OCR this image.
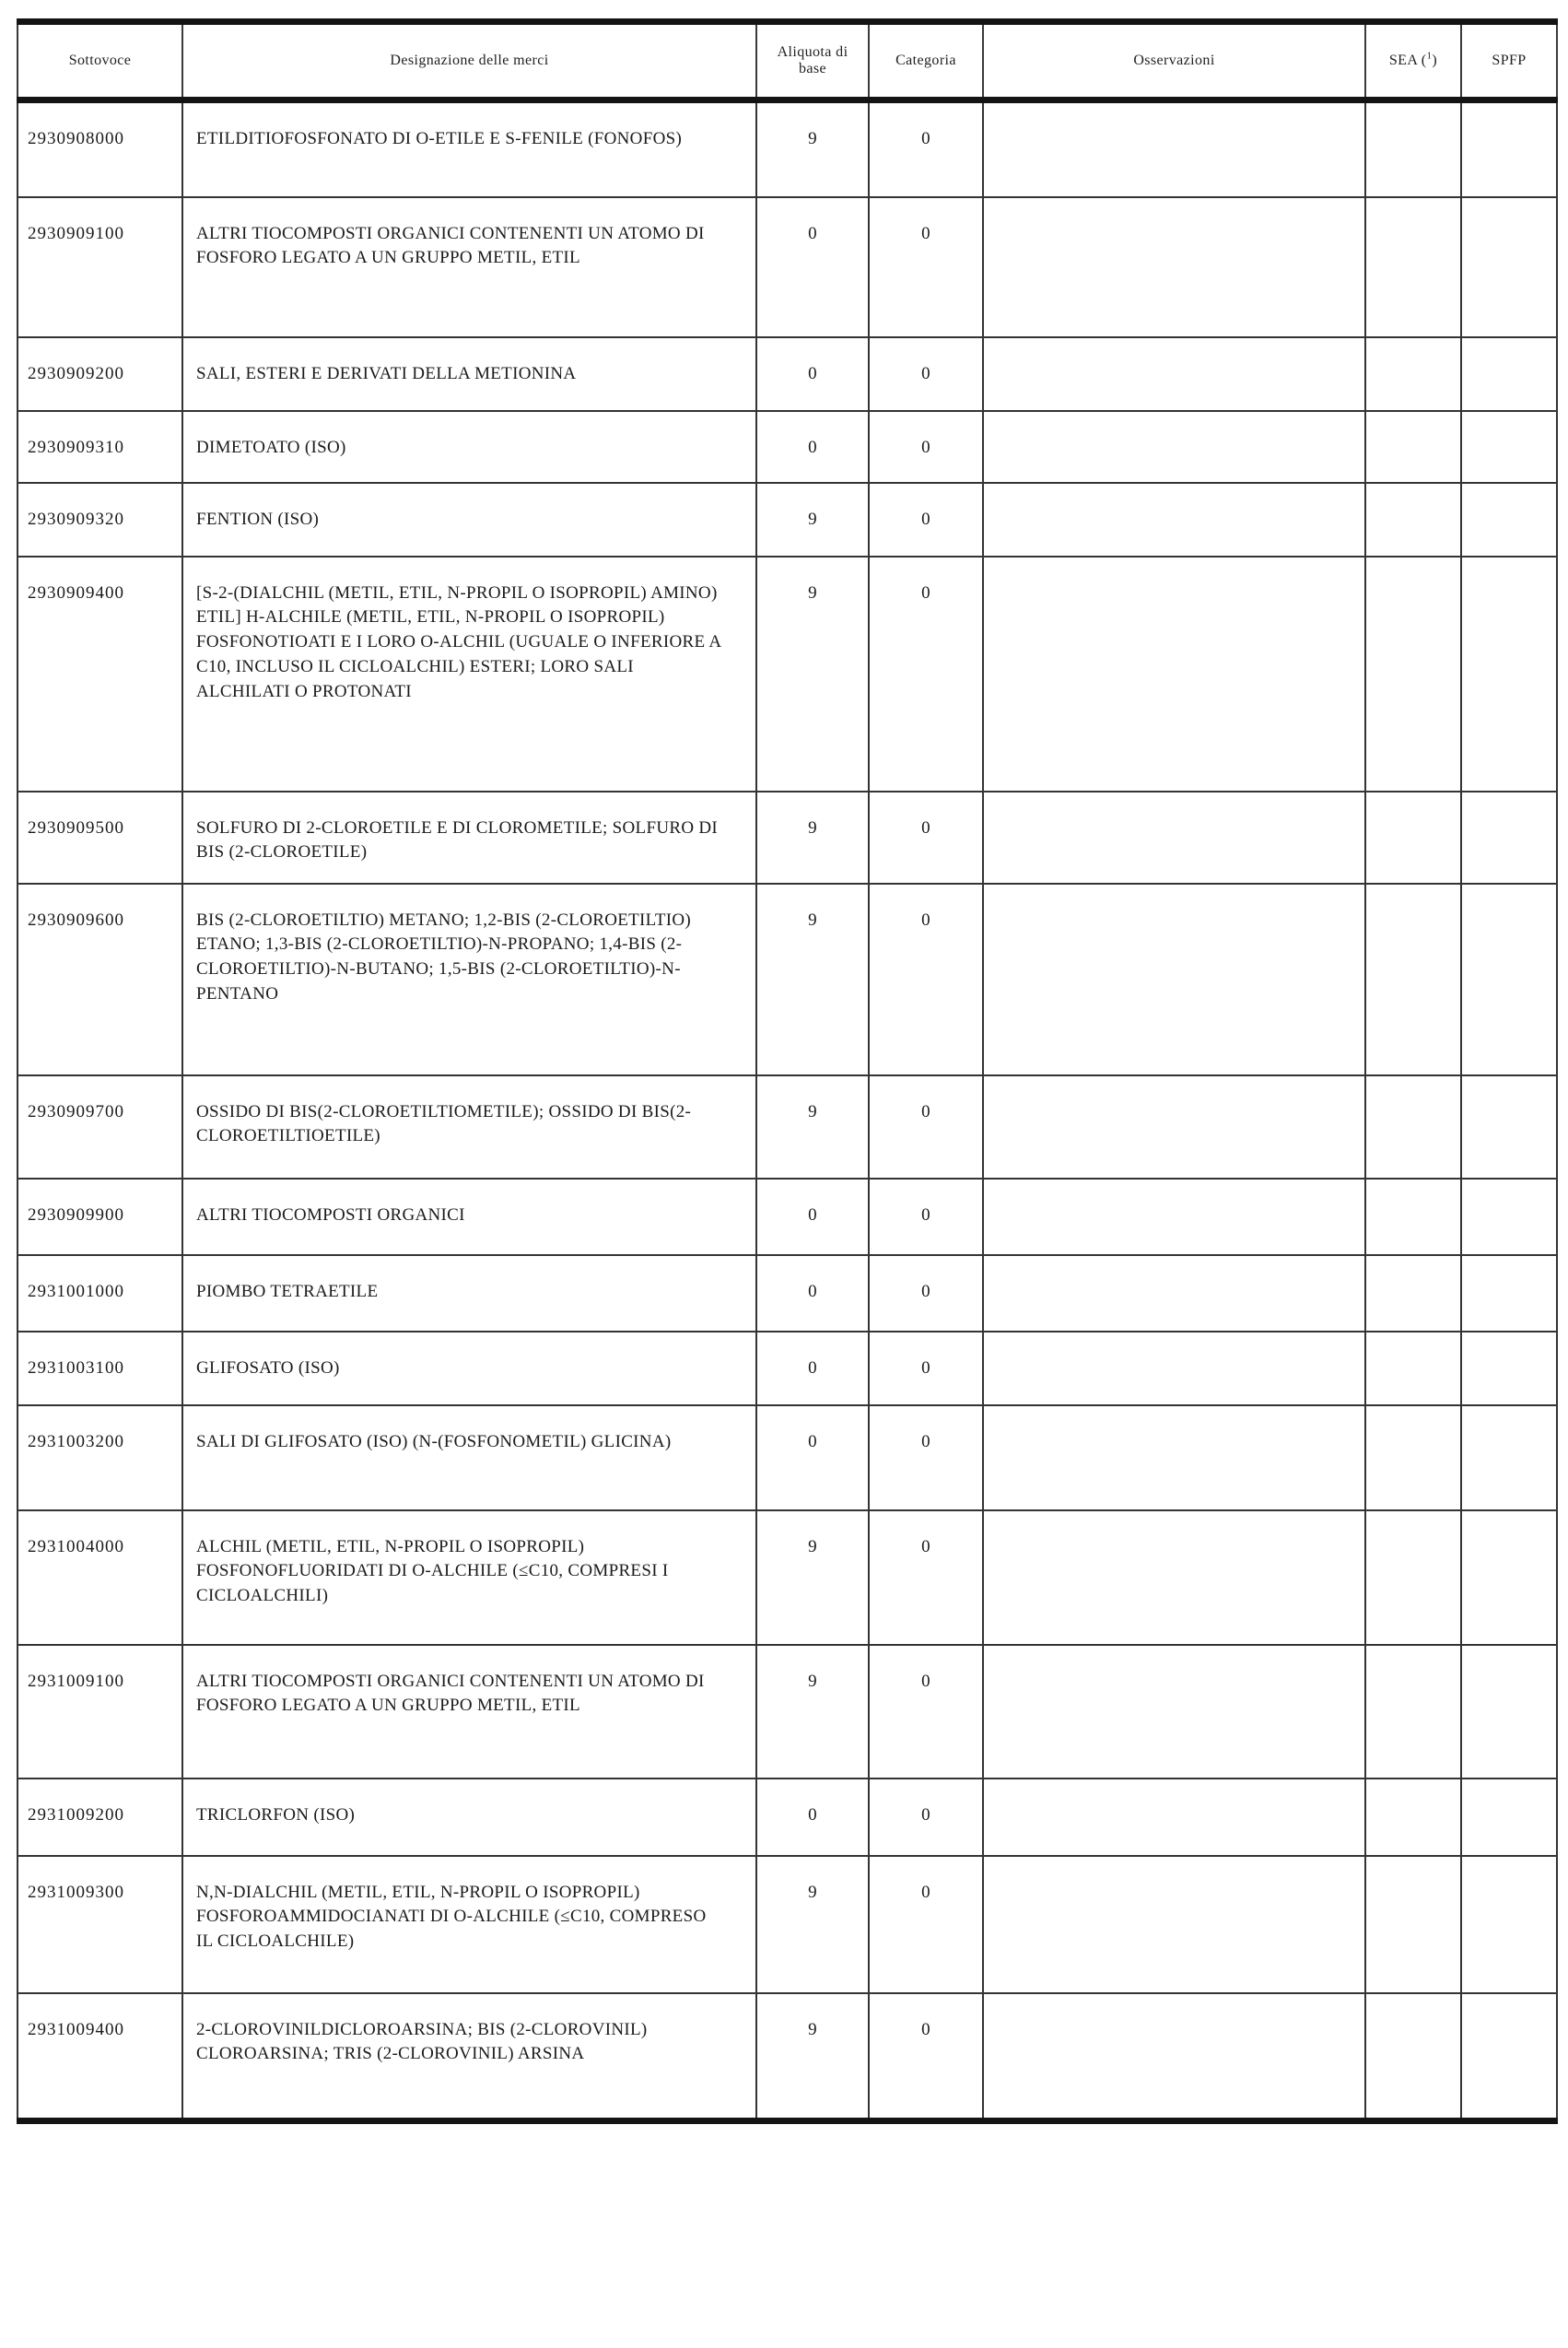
Sottovoce	Designazione delle merci	Aliquota di base	Categoria	Osservazioni	SEA ($^1$)	SPFP
2930908000	ETILDITIOFOSFONATO DI O-ETILE E S-FENILE (FONOFOS)	9	0			
2930909100	ALTRI TIOCOMPOSTI ORGANICI CONTENENTI UN ATOMO DI FOSFORO LEGATO A UN GRUPPO METIL, ETIL	0	0			
2930909200	SALI, ESTERI E DERIVATI DELLA METIONINA	0	0			
2930909310	DIMETOATO (ISO)	0	0			
2930909320	FENTION (ISO)	9	0			
2930909400	[S-2-(DIALCHIL (METIL, ETIL, N-PROPIL O ISOPROPIL) AMINO) ETIL] H-ALCHILE (METIL, ETIL, N-PROPIL O ISOPROPIL) FOSFONOTIOATI E I LORO O-ALCHIL (UGUALE O INFERIORE A C10, INCLUSO IL CICLOALCHIL) ESTERI; LORO SALI ALCHILATI O PROTONATI	9	0			
2930909500	SOLFURO DI 2-CLOROETILE E DI CLOROMETILE; SOLFURO DI BIS (2-CLOROETILE)	9	0			
2930909600	BIS (2-CLOROETILTIO) METANO; 1,2-BIS (2-CLOROETILTIO) ETANO; 1,3-BIS (2-CLOROETILTIO)-N-PROPANO; 1,4-BIS (2-CLOROETILTIO)-N-BUTANO; 1,5-BIS (2-CLOROETILTIO)-N-PENTANO	9	0			
2930909700	OSSIDO DI BIS(2-CLOROETILTIOMETILE); OSSIDO DI BIS(2-CLOROETILTIOETILE)	9	0			
2930909900	ALTRI TIOCOMPOSTI ORGANICI	0	0			
2931001000	PIOMBO TETRAETILE	0	0			
2931003100	GLIFOSATO (ISO)	0	0			
2931003200	SALI DI GLIFOSATO (ISO) (N-(FOSFONOMETIL) GLICINA)	0	0			
2931004000	ALCHIL (METIL, ETIL, N-PROPIL O ISOPROPIL) FOSFONOFLUORIDATI DI O-ALCHILE (≤C10, COMPRESI I CICLOALCHILI)	9	0			
2931009100	ALTRI TIOCOMPOSTI ORGANICI CONTENENTI UN ATOMO DI FOSFORO LEGATO A UN GRUPPO METIL, ETIL	9	0			
2931009200	TRICLORFON (ISO)	0	0			
2931009300	N,N-DIALCHIL (METIL, ETIL, N-PROPIL O ISOPROPIL) FOSFOROAMMIDOCIANATI DI O-ALCHILE (≤C10, COMPRESO IL CICLOALCHILE)	9	0			
2931009400	2-CLOROVINILDICLOROARSINA; BIS (2-CLOROVINIL) CLOROARSINA; TRIS (2-CLOROVINIL) ARSINA	9	0			
